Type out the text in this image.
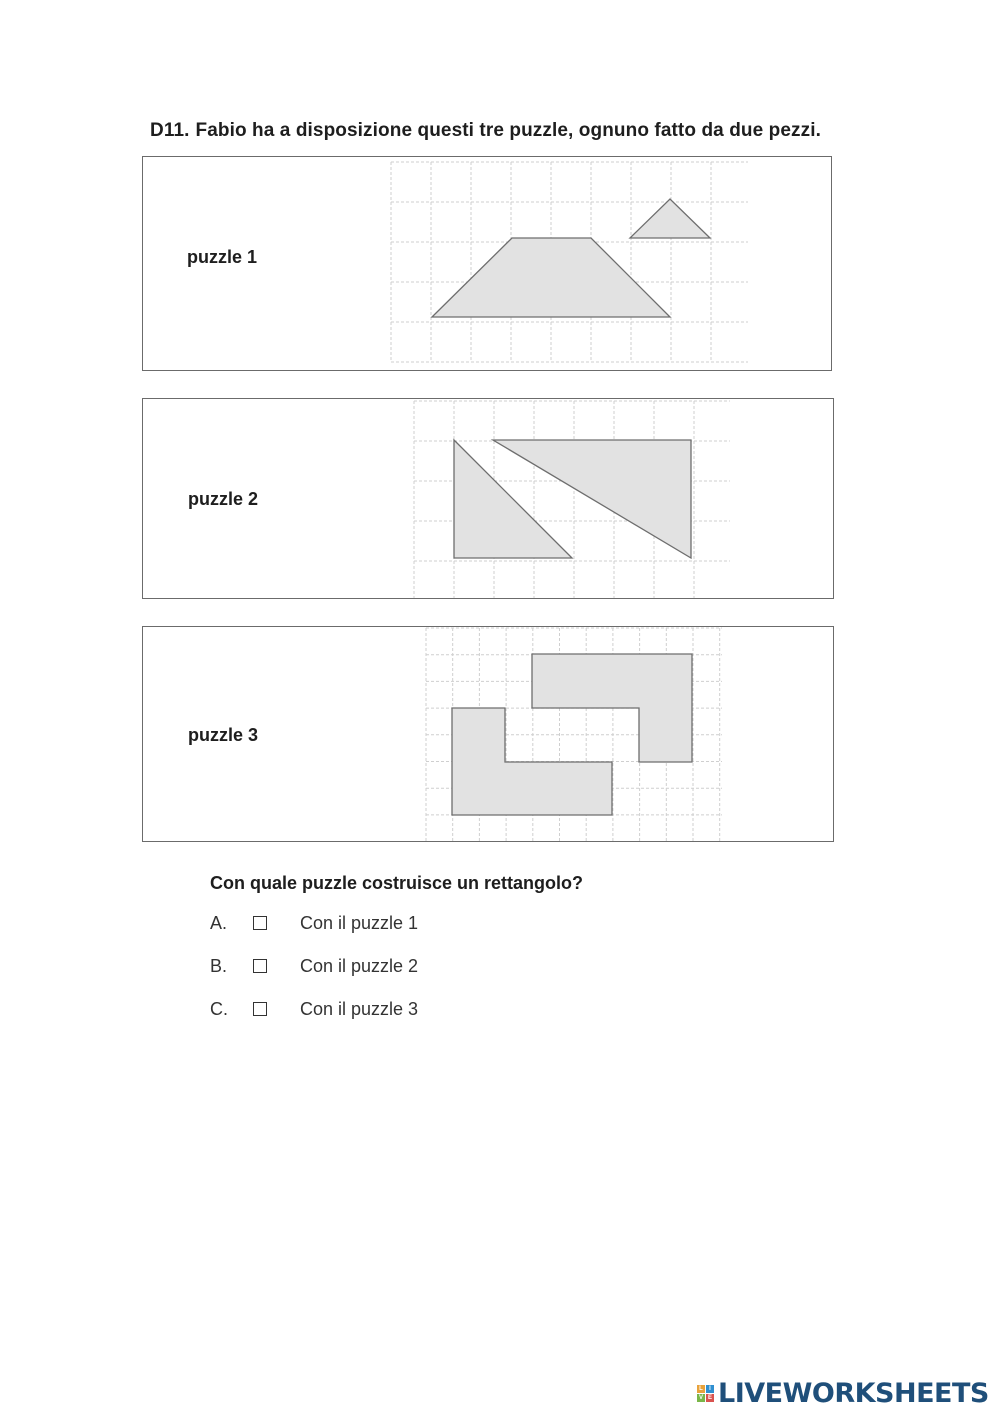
D11. Fabio ha a disposizione questi tre puzzle, ognuno fatto da due pezzi.
puzzle 1
puzzle 2
puzzle 3
Con quale puzzle costruisce un rettangolo?
A.	Con il puzzle 1
B.	Con il puzzle 2
C.	Con il puzzle 3
L	I
V E LIVEWORKSHEETS
